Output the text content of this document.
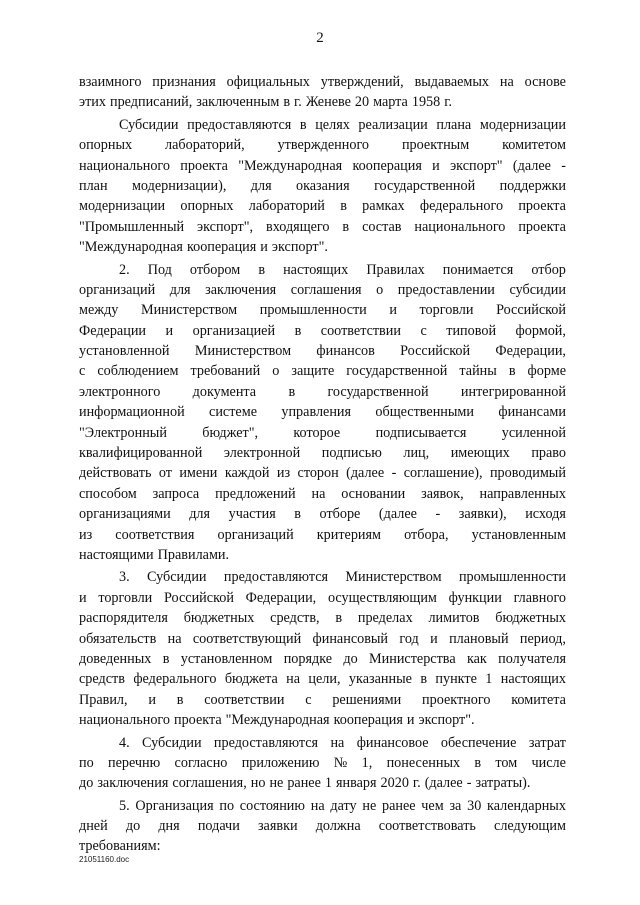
2
взаимного признания официальных утверждений, выдаваемых на основе
этих предписаний, заключенным в г. Женеве 20 марта 1958 г.
Субсидии предоставляются в целях реализации плана модернизации
опорных лабораторий, утвержденного проектным комитетом
национального проекта "Международная кооперация и экспорт" (далее -
план модернизации), для оказания государственной поддержки
модернизации опорных лабораторий в рамках федерального проекта
"Промышленный экспорт", входящего в состав национального проекта
"Международная кооперация и экспорт".
2. Под отбором в настоящих Правилах понимается отбор
организаций для заключения соглашения о предоставлении субсидии
между Министерством промышленности и торговли Российской
Федерации и организацией в соответствии с типовой формой,
установленной Министерством финансов Российской Федерации,
с соблюдением требований о защите государственной тайны в форме
электронного документа в государственной интегрированной
информационной системе управления общественными финансами
"Электронный бюджет", которое подписывается усиленной
квалифицированной электронной подписью лиц, имеющих право
действовать от имени каждой из сторон (далее - соглашение), проводимый
способом запроса предложений на основании заявок, направленных
организациями для участия в отборе (далее - заявки), исходя
из соответствия организаций критериям отбора, установленным
настоящими Правилами.
3. Субсидии предоставляются Министерством промышленности
и торговли Российской Федерации, осуществляющим функции главного
распорядителя бюджетных средств, в пределах лимитов бюджетных
обязательств на соответствующий финансовый год и плановый период,
доведенных в установленном порядке до Министерства как получателя
средств федерального бюджета на цели, указанные в пункте 1 настоящих
Правил, и в соответствии с решениями проектного комитета
национального проекта "Международная кооперация и экспорт".
4. Субсидии предоставляются на финансовое обеспечение затрат
по перечню согласно приложению № 1, понесенных в том числе
до заключения соглашения, но не ранее 1 января 2020 г. (далее - затраты).
5. Организация по состоянию на дату не ранее чем за 30 календарных
дней до дня подачи заявки должна соответствовать следующим
требованиям:
21051160.doc
